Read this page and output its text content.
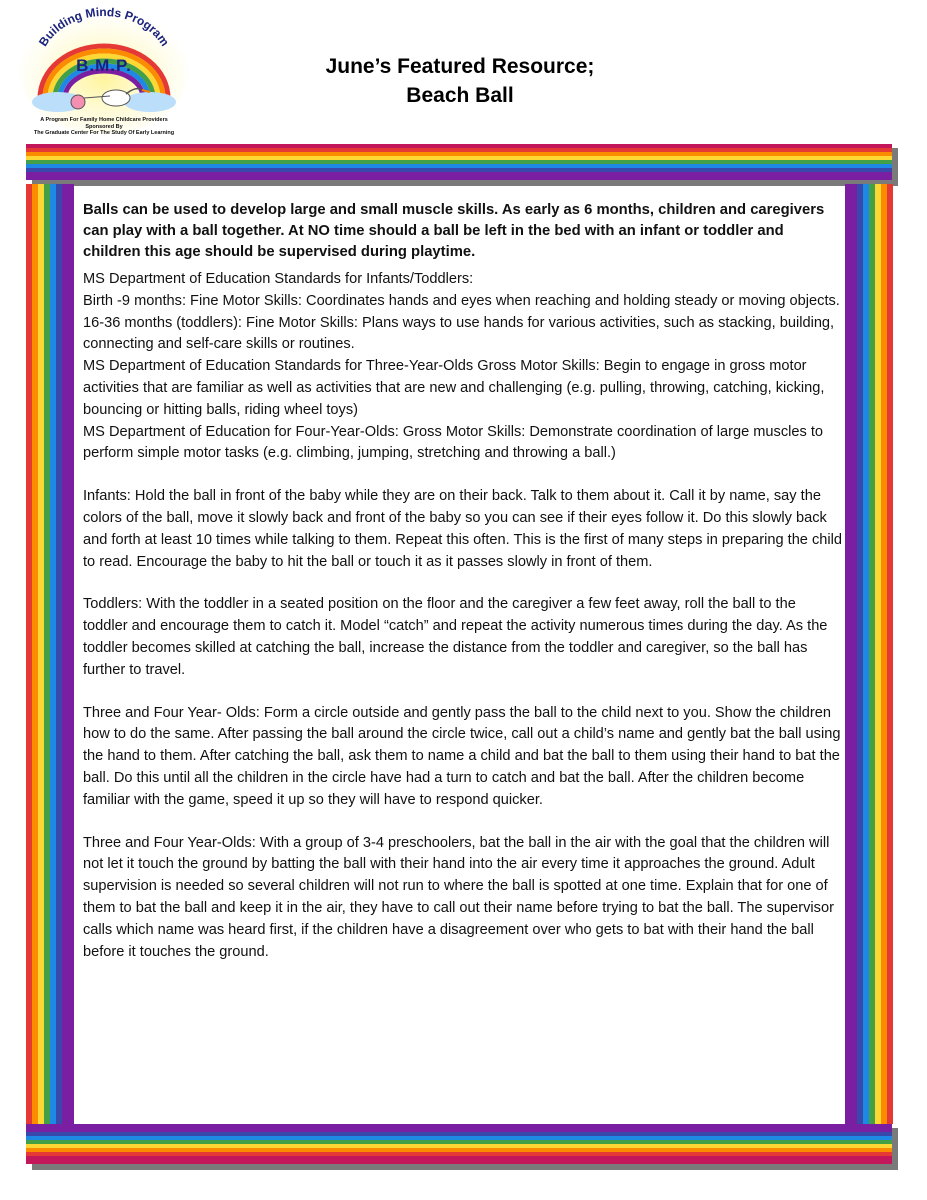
Building Minds Program
B.M.P.
A Program For Family Home Childcare Providers
Sponsored By
The Graduate Center For The Study Of Early Learning
June’s Featured Resource;
Beach Ball

Balls can be used to develop large and small muscle skills. As early as 6 months, children and caregivers can play with a ball together. At NO time should a ball be left in the bed with an infant or toddler and children this age should be supervised during playtime.

MS Department of Education Standards for Infants/Toddlers:
Birth -9 months: Fine Motor Skills: Coordinates hands and eyes when reaching and holding steady or moving objects.
16-36 months (toddlers): Fine Motor Skills: Plans ways to use hands for various activities, such as stacking, building, connecting and self-care skills or routines.
MS Department of Education Standards for Three-Year-Olds Gross Motor Skills: Begin to engage in gross motor activities that are familiar as well as activities that are new and challenging (e.g. pulling, throwing, catching, kicking, bouncing or hitting balls, riding wheel toys)
MS Department of Education for Four-Year-Olds: Gross Motor Skills: Demonstrate coordination of large muscles to perform simple motor tasks (e.g. climbing, jumping, stretching and throwing a ball.)

Infants: Hold the ball in front of the baby while they are on their back. Talk to them about it. Call it by name, say the colors of the ball, move it slowly back and front of the baby so you can see if their eyes follow it. Do this slowly back and forth at least 10 times while talking to them. Repeat this often. This is the first of many steps in preparing the child to read. Encourage the baby to hit the ball or touch it as it passes slowly in front of them.

Toddlers: With the toddler in a seated position on the floor and the caregiver a few feet away, roll the ball to the toddler and encourage them to catch it. Model “catch” and repeat the activity numerous times during the day. As the toddler becomes skilled at catching the ball, increase the distance from the toddler and caregiver, so the ball has further to travel.

Three and Four Year- Olds: Form a circle outside and gently pass the ball to the child next to you. Show the children how to do the same. After passing the ball around the circle twice, call out a child’s name and gently bat the ball using the hand to them. After catching the ball, ask them to name a child and bat the ball to them using their hand to bat the ball. Do this until all the children in the circle have had a turn to catch and bat the ball. After the children become familiar with the game, speed it up so they will have to respond quicker.

Three and Four Year-Olds: With a group of 3-4 preschoolers, bat the ball in the air with the goal that the children will not let it touch the ground by batting the ball with their hand into the air every time it approaches the ground. Adult supervision is needed so several children will not run to where the ball is spotted at one time. Explain that for one of them to bat the ball and keep it in the air, they have to call out their name before trying to bat the ball. The supervisor calls which name was heard first, if the children have a disagreement over who gets to bat with their hand the ball before it touches the ground.
